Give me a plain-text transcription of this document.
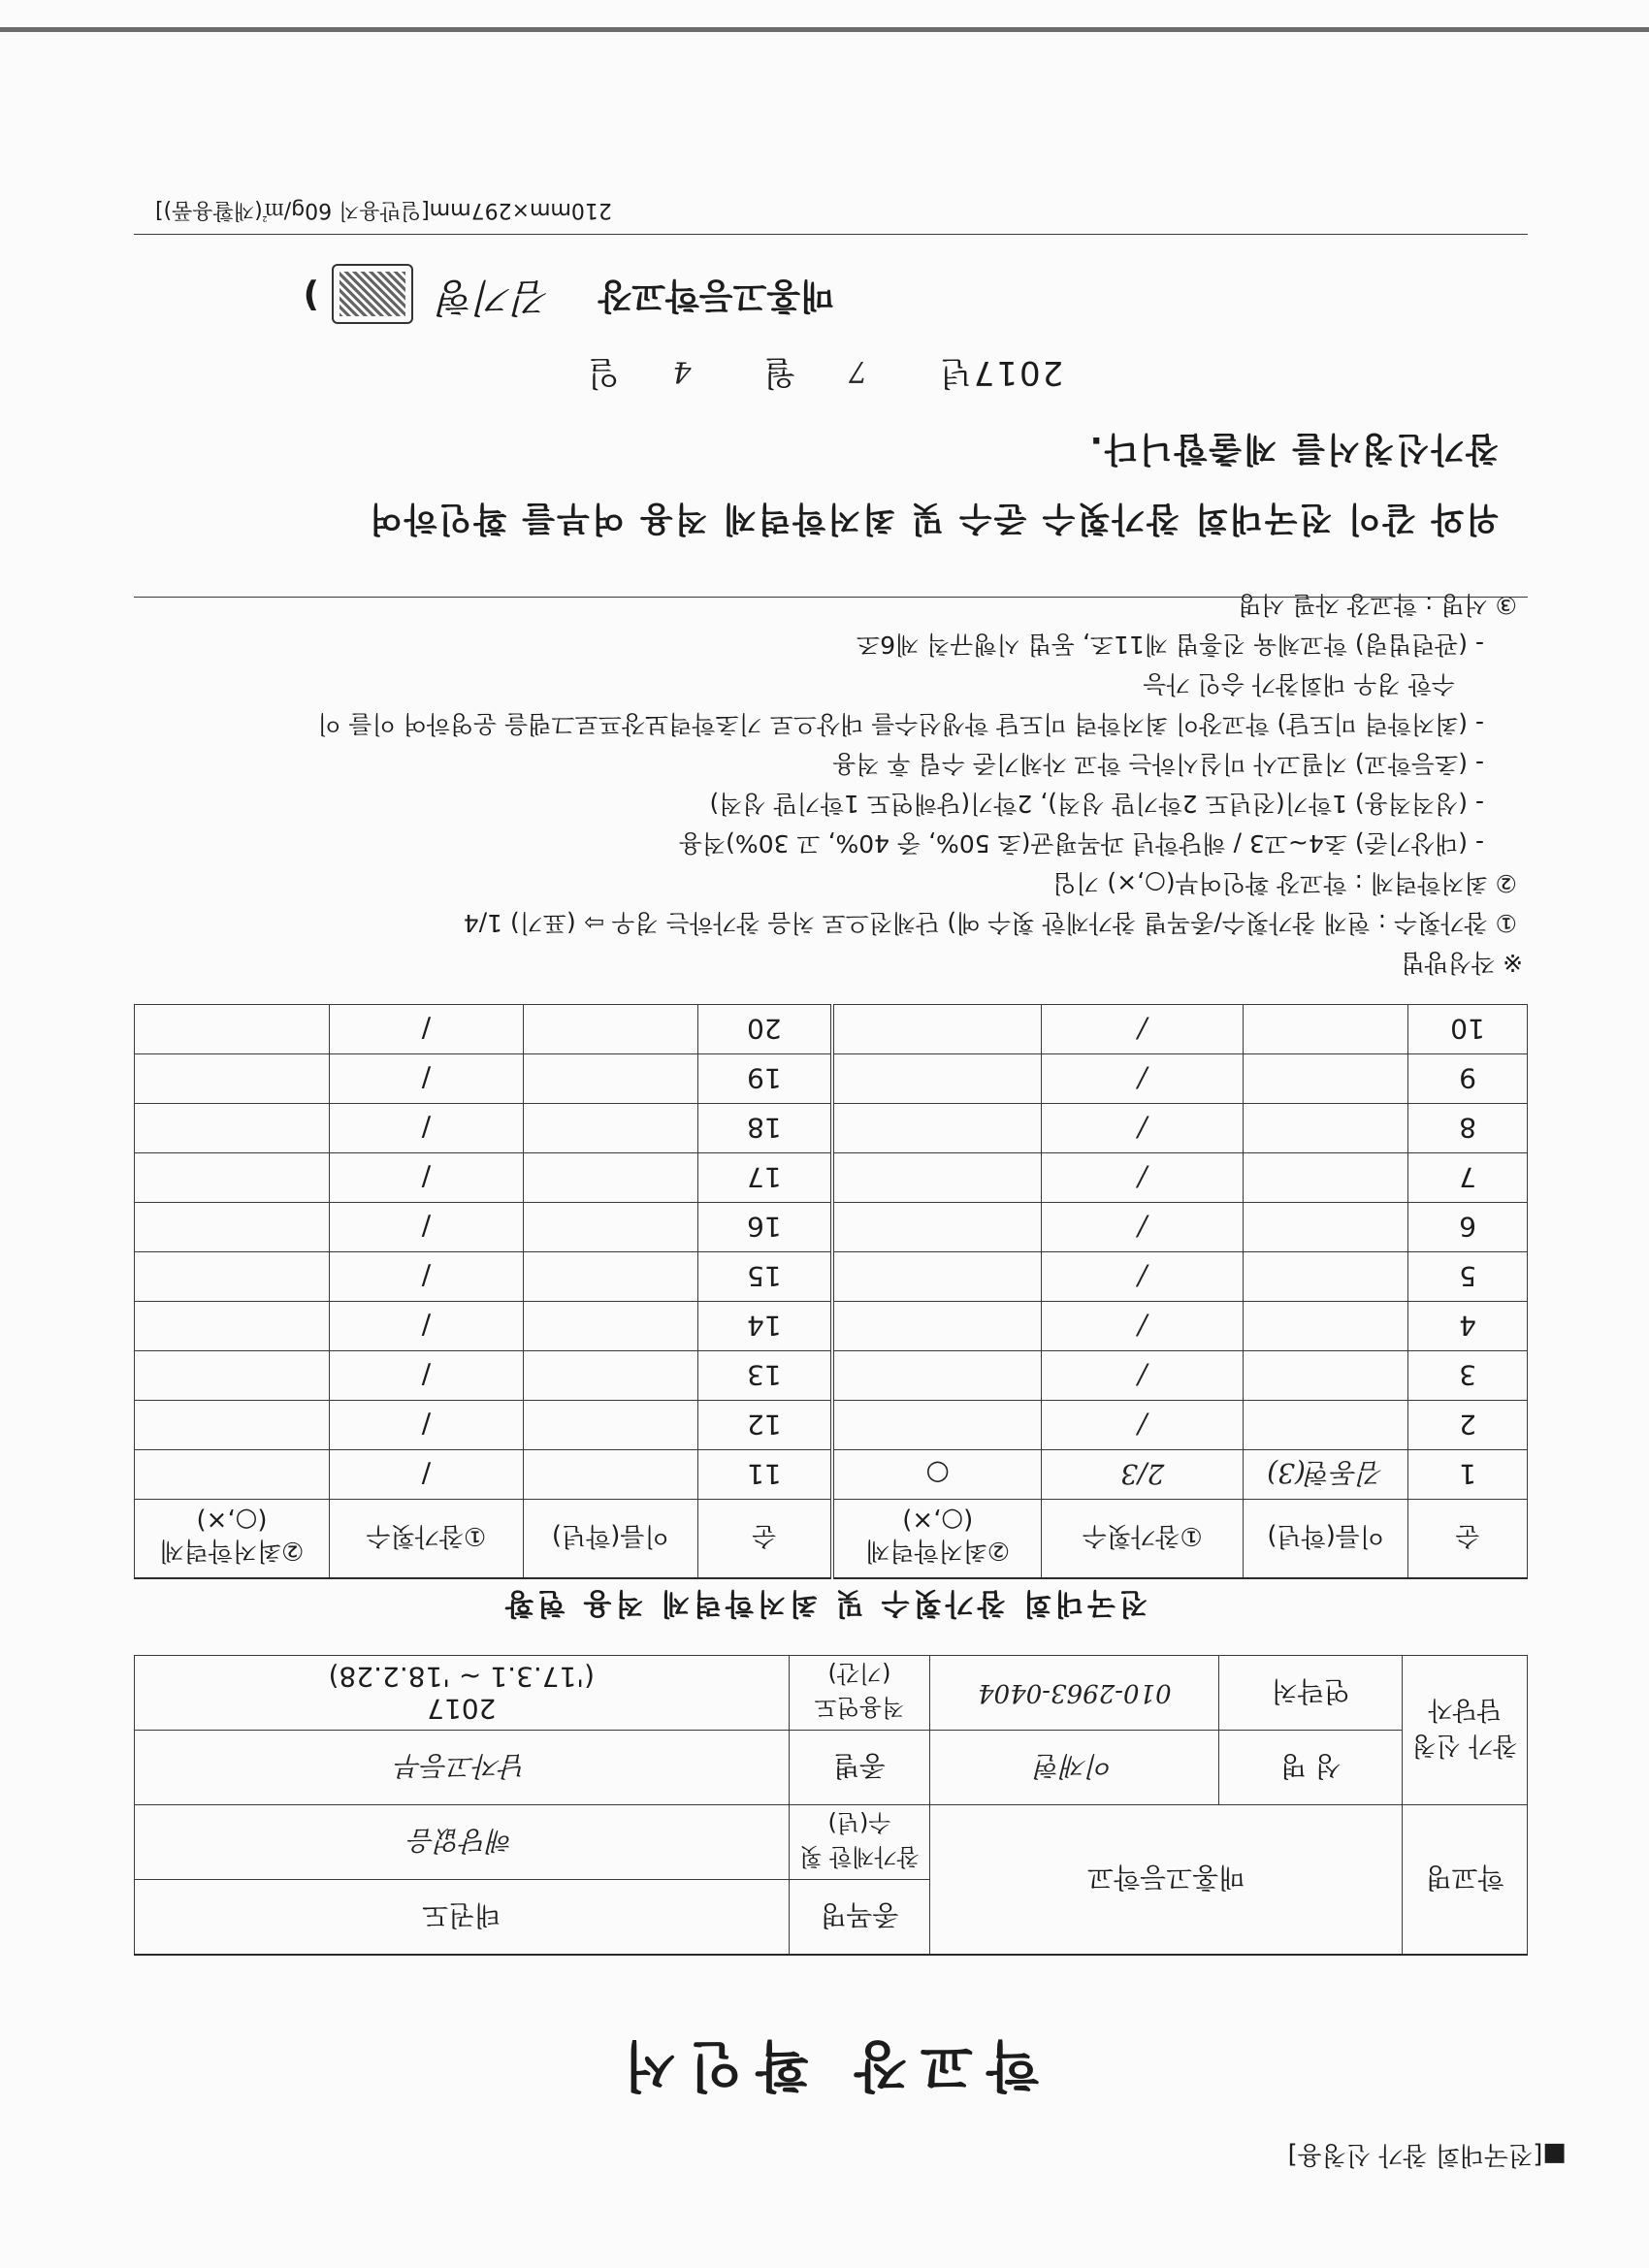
■[전국대회 참가 신청용]
학교장 확인서
학교명	매홍고등학교		종목명	태권도
			참가제한 횟수(년)	해당없음
참가 신청 담당자	성 명	이재현	종별	남자고등부
	연락처	010-2963-0404	적용연도 (기간)	2017
('17.3.1 ~ '18.2.28)
전국대회 참가횟수 및 최저학력제 적용 현황
순	이름(학년)	①참가횟수	②최저학력제 (○,×)	순	이름(학년)	①참가횟수	②최저학력제 (○,×)
1	김동현(3)	2/3	○	11		/	
2		/		12		/	
3		/		13		/	
4		/		14		/	
5		/		15		/	
6		/		16		/	
7		/		17		/	
8		/		18		/	
9		/		19		/	
10		/		20		/	
※ 작성방법
① 참가횟수 : 현재 참가횟수/종목별 참가제한 횟수 예) 단체전으로 처음 참가하는 경우 ⇨ (표기) 1/4
② 최저학력제 : 학교장 확인여부(○,×) 기입
- (대상기준) 초4~고3 / 해당학년 과목평균(초 50%, 중 40%, 고 30%)적용
- (성적적용) 1학기(전년도 2학기말 성적), 2학기(당해연도 1학기말 성적)
- (초등학교) 지필고사 미실시하는 학교 자체기준 수립 후 적용
- (최저학력 미도달) 학교장이 최저학력 미도달 학생선수를 대상으로 기초학력보장프로그램을 운영하여 이를 이
수한 경우 대회참가 승인 가능
- (관련법령) 학교체육 진흥법 제11조, 동법 시행규칙 제6조
③ 서명 : 학교장 자필 서명
위와 같이 전국대회 참가횟수 준수 및 최저학력제 적용 여부를 확인하여
참가신청서를 제출합니다.
2017년 7 월 4 일
매홍고등학교장 김기형
)
210mm×297mm[일반용지 60g/㎡(재활용품)]
